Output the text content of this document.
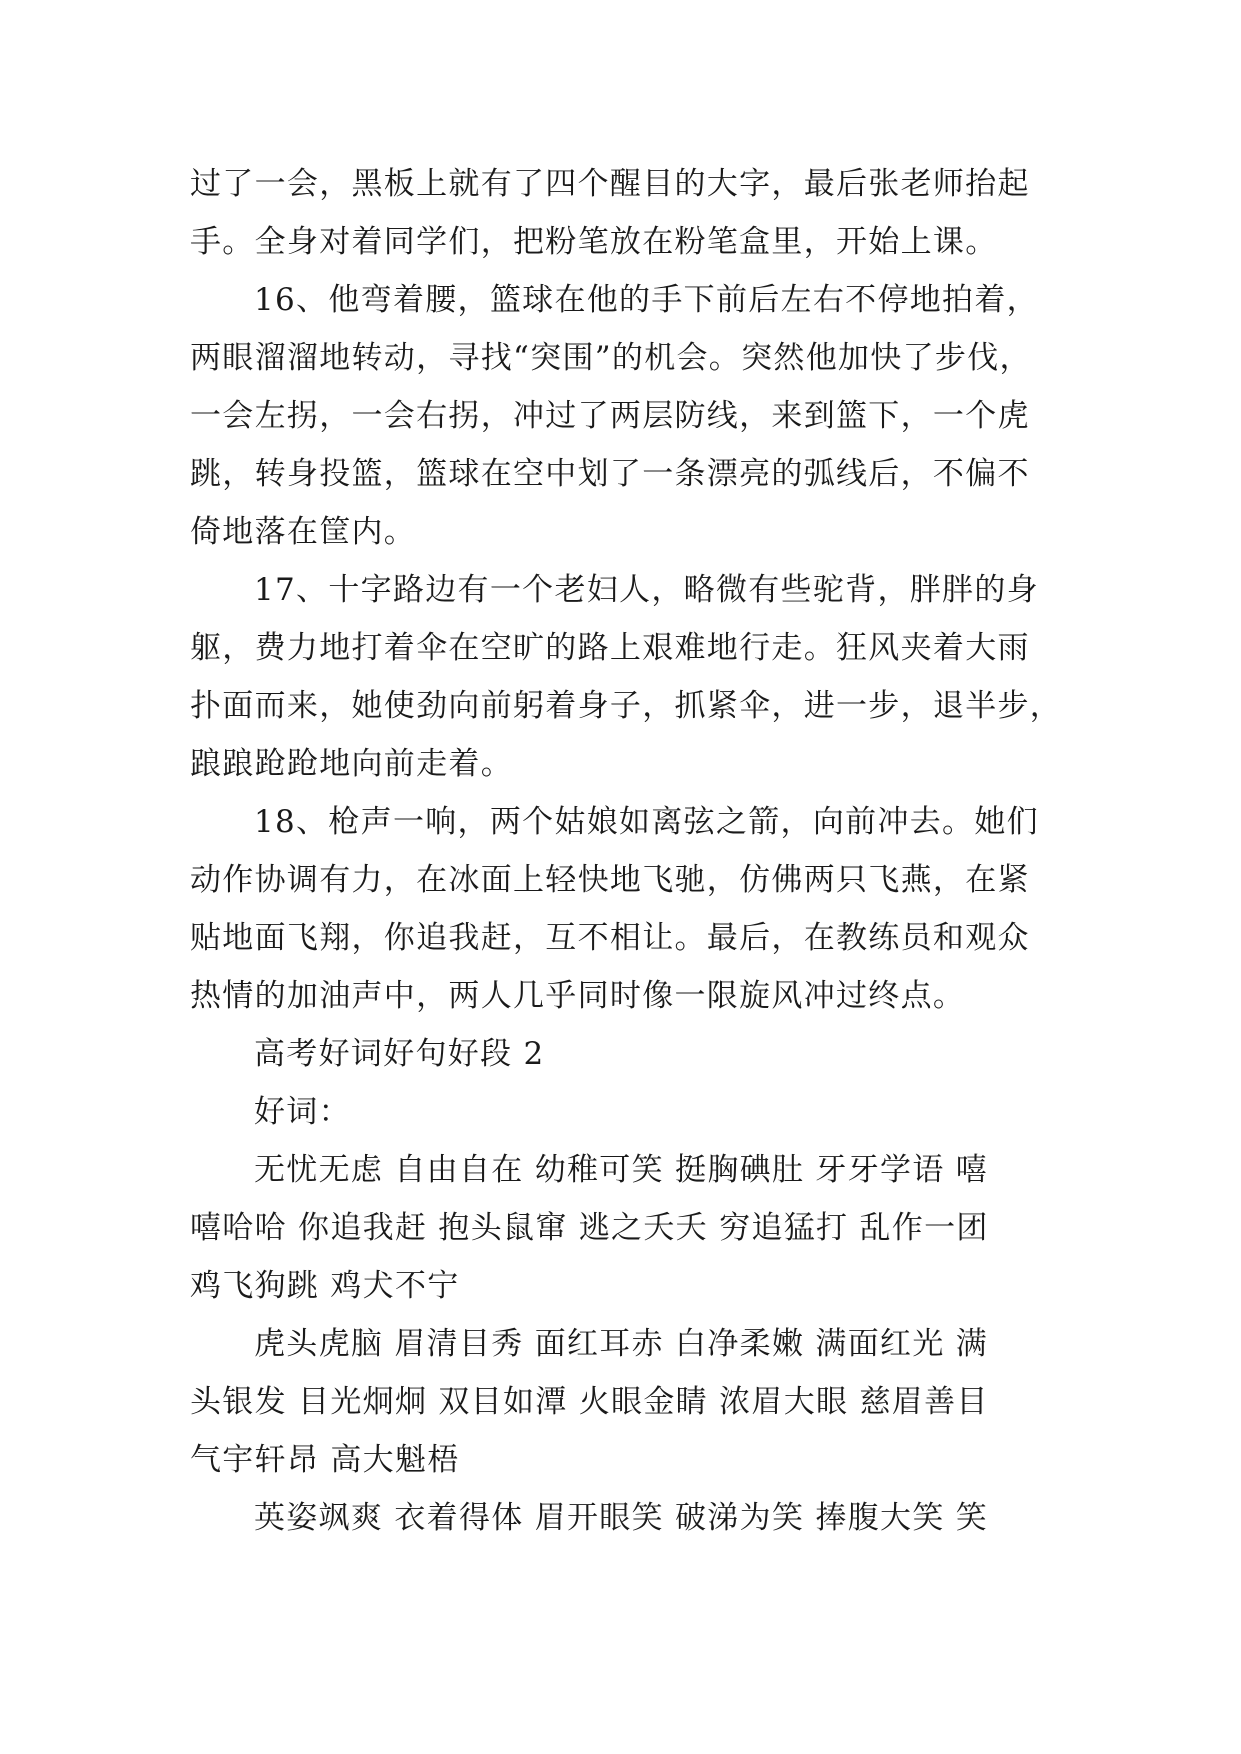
过了一会，黑板上就有了四个醒目的大字，最后张老师抬起
手。全身对着同学们，把粉笔放在粉笔盒里，开始上课。
16、他弯着腰，篮球在他的手下前后左右不停地拍着，
两眼溜溜地转动，寻找“突围”的机会。突然他加快了步伐，
一会左拐，一会右拐，冲过了两层防线，来到篮下，一个虎
跳，转身投篮，篮球在空中划了一条漂亮的弧线后，不偏不
倚地落在筐内。
17、十字路边有一个老妇人，略微有些驼背，胖胖的身
躯，费力地打着伞在空旷的路上艰难地行走。狂风夹着大雨
扑面而来，她使劲向前躬着身子，抓紧伞，进一步，退半步，
踉踉跄跄地向前走着。
18、枪声一响，两个姑娘如离弦之箭，向前冲去。她们
动作协调有力，在冰面上轻快地飞驰，仿佛两只飞燕，在紧
贴地面飞翔，你追我赶，互不相让。最后，在教练员和观众
热情的加油声中，两人几乎同时像一限旋风冲过终点。
高考好词好句好段 2
好词：
无忧无虑 自由自在 幼稚可笑 挺胸碘肚 牙牙学语 嘻
嘻哈哈 你追我赶 抱头鼠窜 逃之夭夭 穷追猛打 乱作一团
鸡飞狗跳 鸡犬不宁
虎头虎脑 眉清目秀 面红耳赤 白净柔嫩 满面红光 满
头银发 目光炯炯 双目如潭 火眼金睛 浓眉大眼 慈眉善目
气宇轩昂 高大魁梧
英姿飒爽 衣着得体 眉开眼笑 破涕为笑 捧腹大笑 笑
